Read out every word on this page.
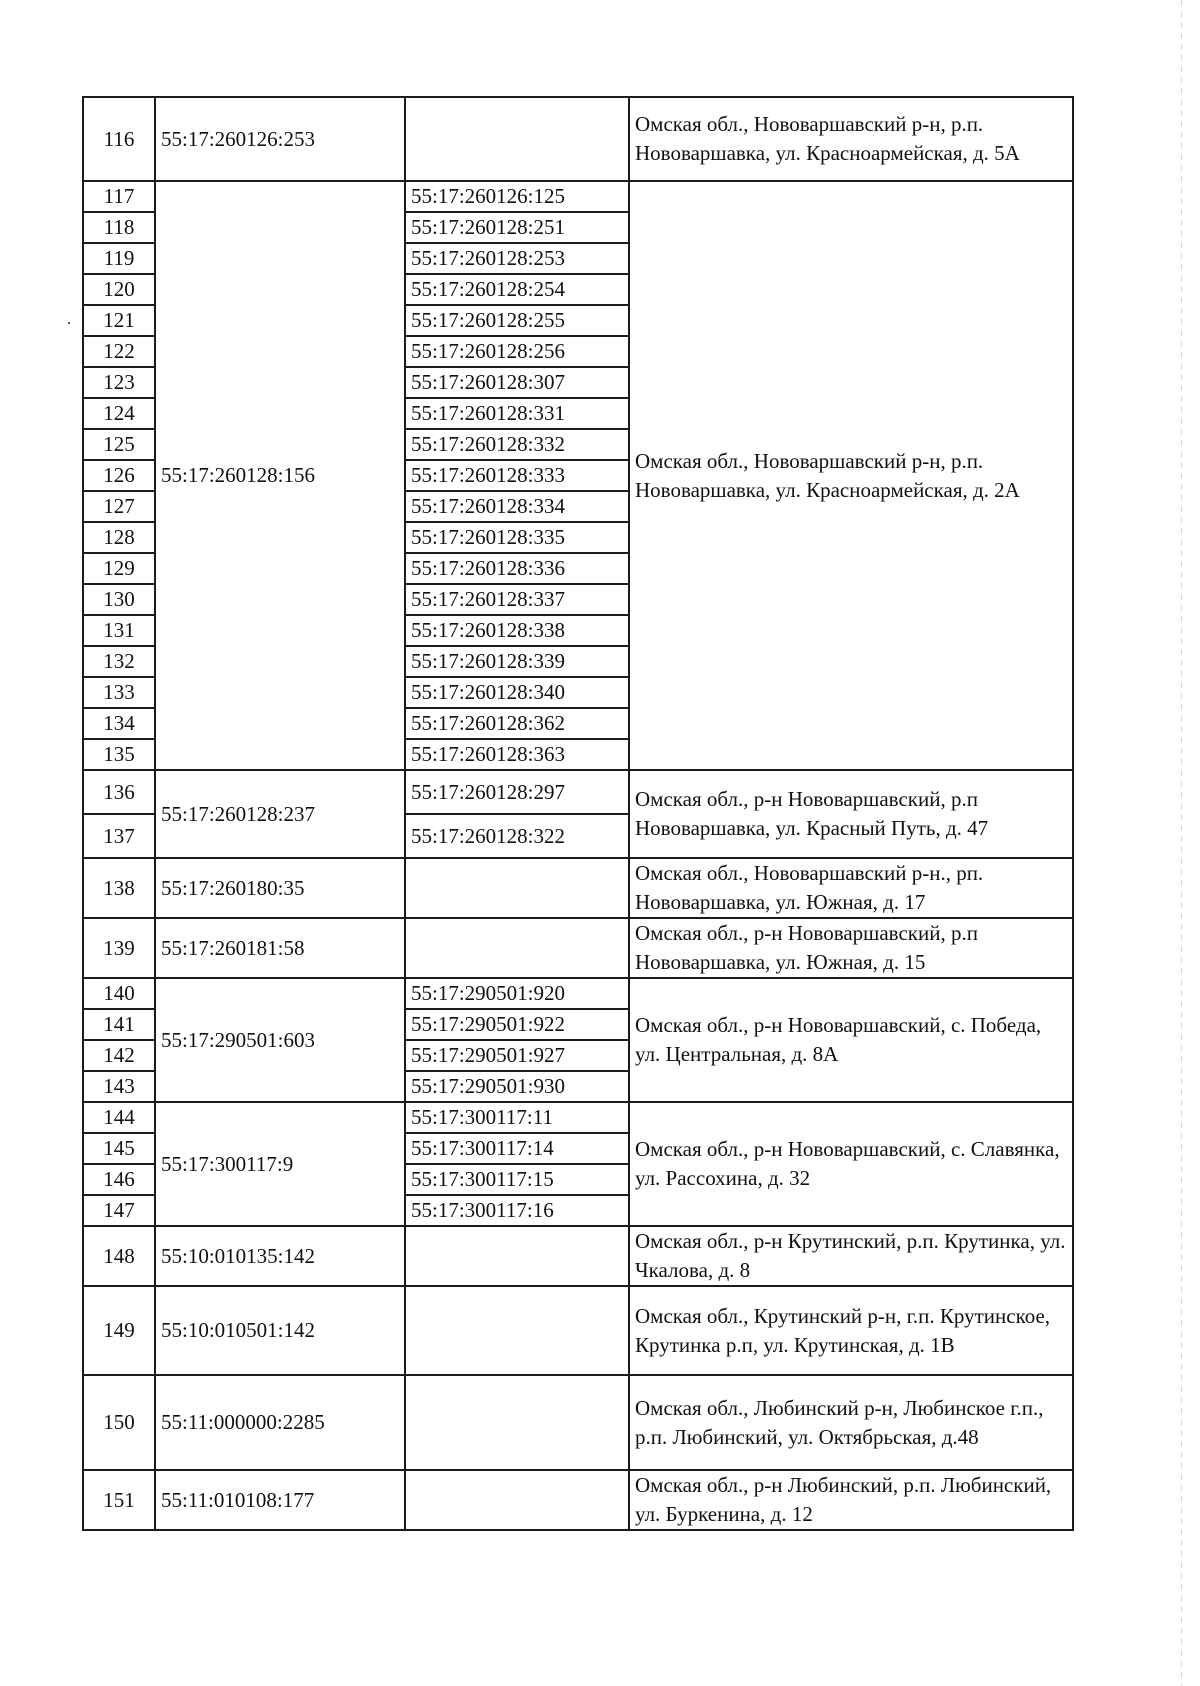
116	55:17:260126:253		Омская обл., Нововаршавский р-н, р.п. Нововаршавка, ул. Красноармейская, д. 5А
117	55:17:260128:156	55:17:260126:125	Омская обл., Нововаршавский р-н, р.п. Нововаршавка, ул. Красноармейская, д. 2А
118		55:17:260128:251	
119		55:17:260128:253	
120		55:17:260128:254	
121		55:17:260128:255	
122		55:17:260128:256	
123		55:17:260128:307	
124		55:17:260128:331	
125		55:17:260128:332	
126		55:17:260128:333	
127		55:17:260128:334	
128		55:17:260128:335	
129		55:17:260128:336	
130		55:17:260128:337	
131		55:17:260128:338	
132		55:17:260128:339	
133		55:17:260128:340	
134		55:17:260128:362	
135		55:17:260128:363	
136	55:17:260128:237	55:17:260128:297	Омская обл., р-н Нововаршавский, р.п Нововаршавка, ул. Красный Путь, д. 47
137		55:17:260128:322	
138	55:17:260180:35		Омская обл., Нововаршавский р-н., рп. Нововаршавка, ул. Южная, д. 17
139	55:17:260181:58		Омская обл., р-н Нововаршавский, р.п Нововаршавка, ул. Южная, д. 15
140	55:17:290501:603	55:17:290501:920	Омская обл., р-н Нововаршавский, с. Победа, ул. Центральная, д. 8А
141		55:17:290501:922	
142		55:17:290501:927	
143		55:17:290501:930	
144	55:17:300117:9	55:17:300117:11	Омская обл., р-н Нововаршавский, с. Славянка, ул. Рассохина, д. 32
145		55:17:300117:14	
146		55:17:300117:15	
147		55:17:300117:16	
148	55:10:010135:142		Омская обл., р-н Крутинский, р.п. Крутинка, ул. Чкалова, д. 8
149	55:10:010501:142		Омская обл., Крутинский р-н, г.п. Крутинское, Крутинка р.п, ул. Крутинская, д. 1В
150	55:11:000000:2285		Омская обл., Любинский р-н, Любинское г.п., р.п. Любинский, ул. Октябрьская, д.48
151	55:11:010108:177		Омская обл., р-н Любинский, р.п. Любинский, ул. Буркенина, д. 12
